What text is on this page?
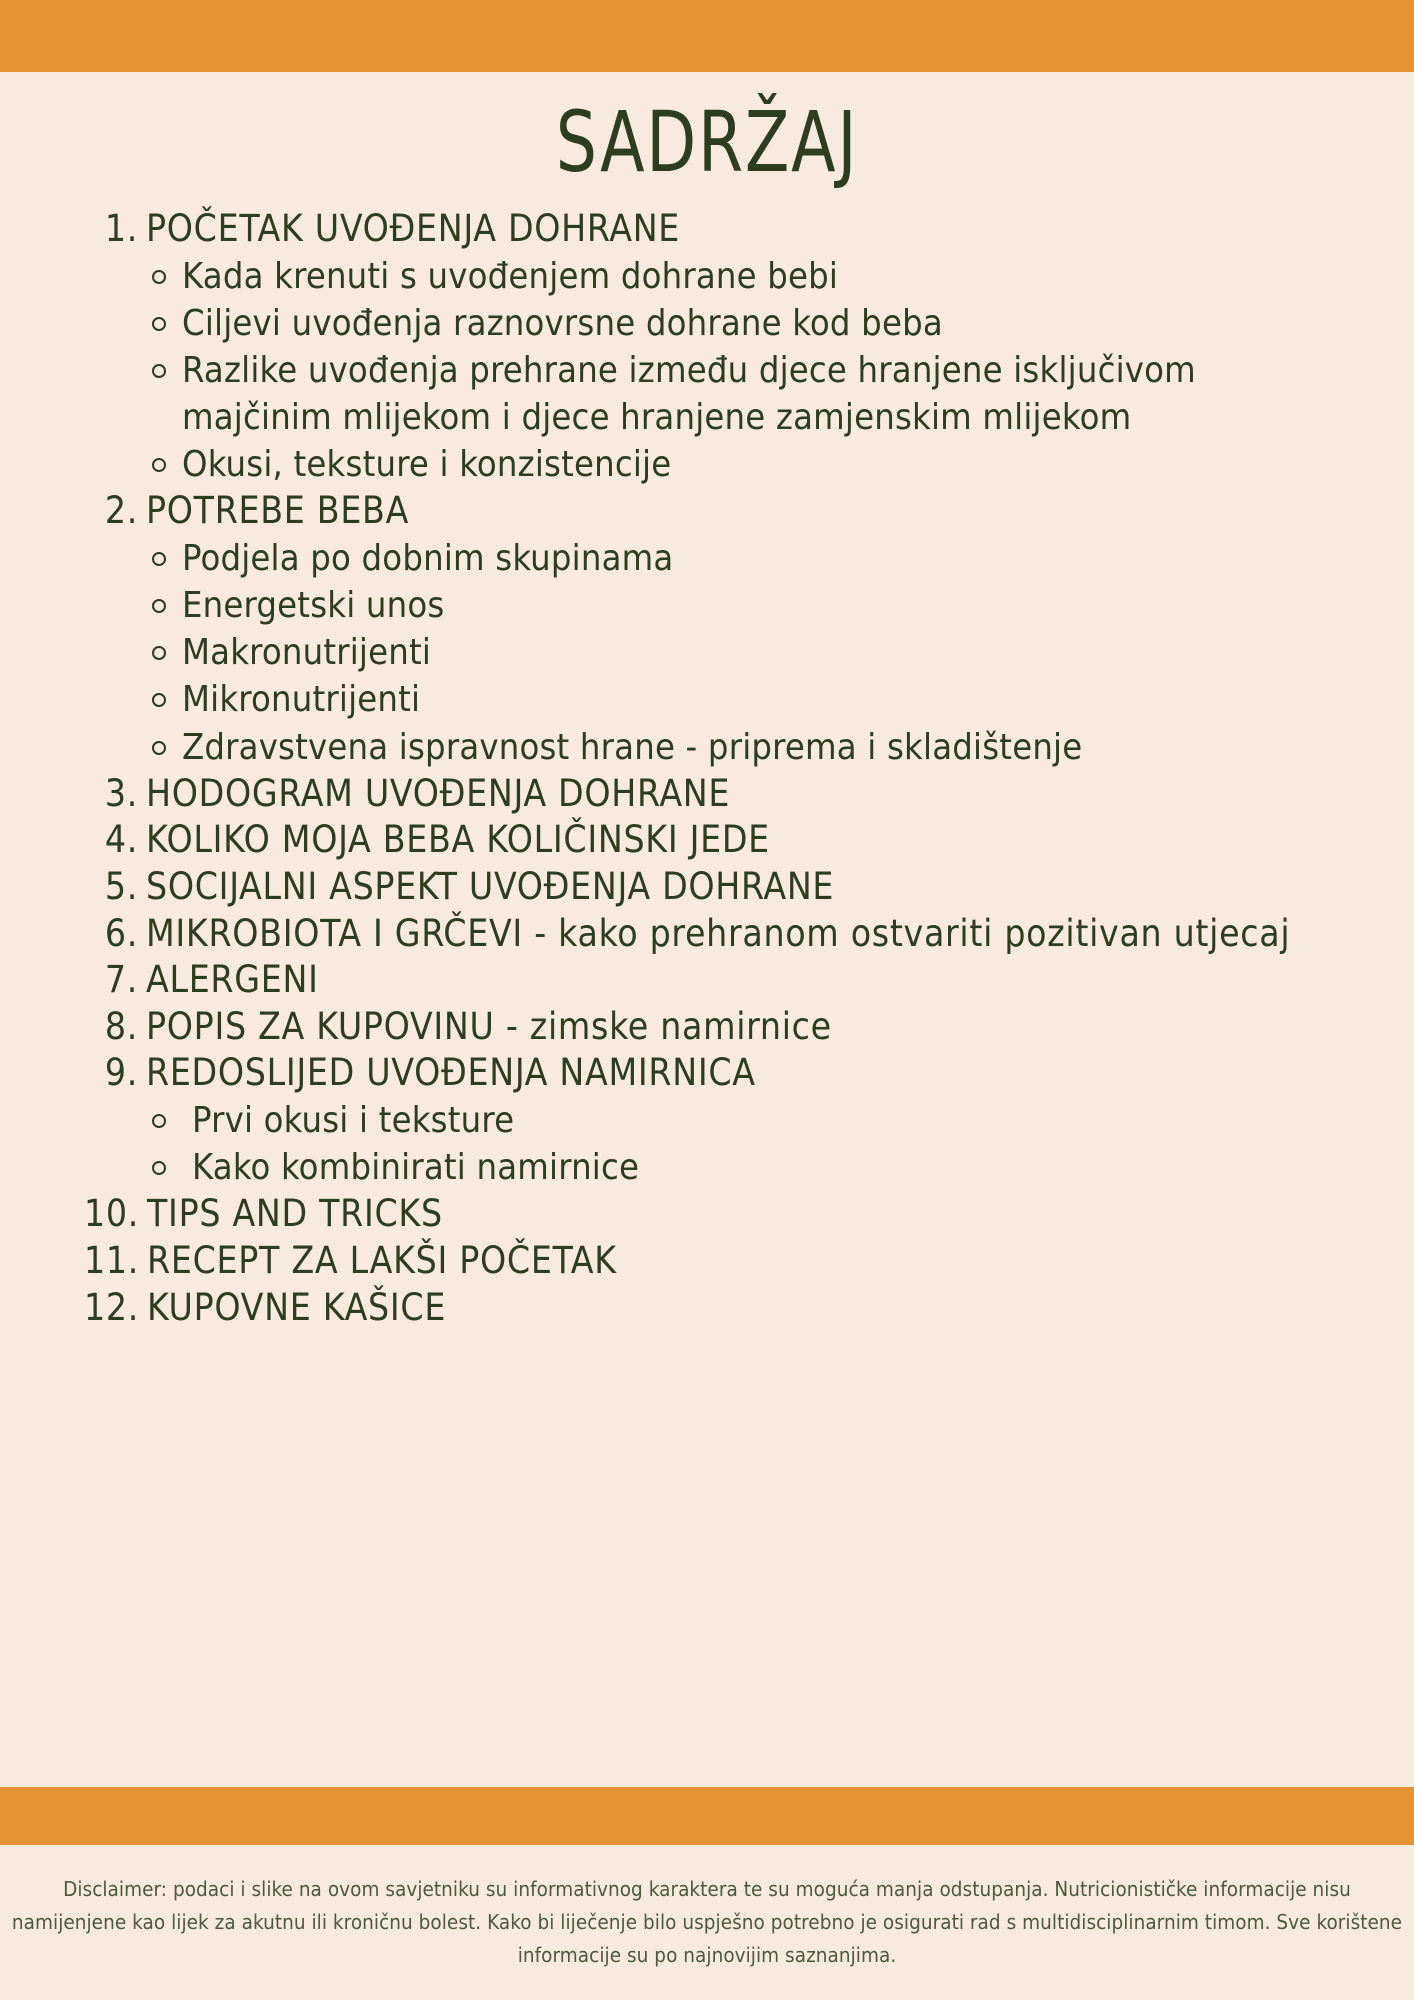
SADRŽAJ
1. POČETAK UVOĐENJA DOHRANE
Kada krenuti s uvođenjem dohrane bebi
Ciljevi uvođenja raznovrsne dohrane kod beba
Razlike uvođenja prehrane između djece hranjene isključivom majčinim mlijekom i djece hranjene zamjenskim mlijekom
Okusi, teksture i konzistencije
2. POTREBE BEBA
Podjela po dobnim skupinama
Energetski unos
Makronutrijenti
Mikronutrijenti
Zdravstvena ispravnost hrane - priprema i skladištenje
3. HODOGRAM UVOĐENJA DOHRANE
4. KOLIKO MOJA BEBA KOLIČINSKI JEDE
5. SOCIJALNI ASPEKT UVOĐENJA DOHRANE
6. MIKROBIOTA I GRČEVI - kako prehranom ostvariti pozitivan utjecaj
7. ALERGENI
8. POPIS ZA KUPOVINU - zimske namirnice
9. REDOSLIJED UVOĐENJA NAMIRNICA
Prvi okusi i teksture
Kako kombinirati namirnice
10. TIPS AND TRICKS
11. RECEPT ZA LAKŠI POČETAK
12. KUPOVNE KAŠICE
Disclaimer: podaci i slike na ovom savjetniku su informativnog karaktera te su moguća manja odstupanja. Nutricionističke informacije nisu namijenjene kao lijek za akutnu ili kroničnu bolest. Kako bi liječenje bilo uspješno potrebno je osigurati rad s multidisciplinarnim timom. Sve korištene informacije su po najnovijim saznanjima.
